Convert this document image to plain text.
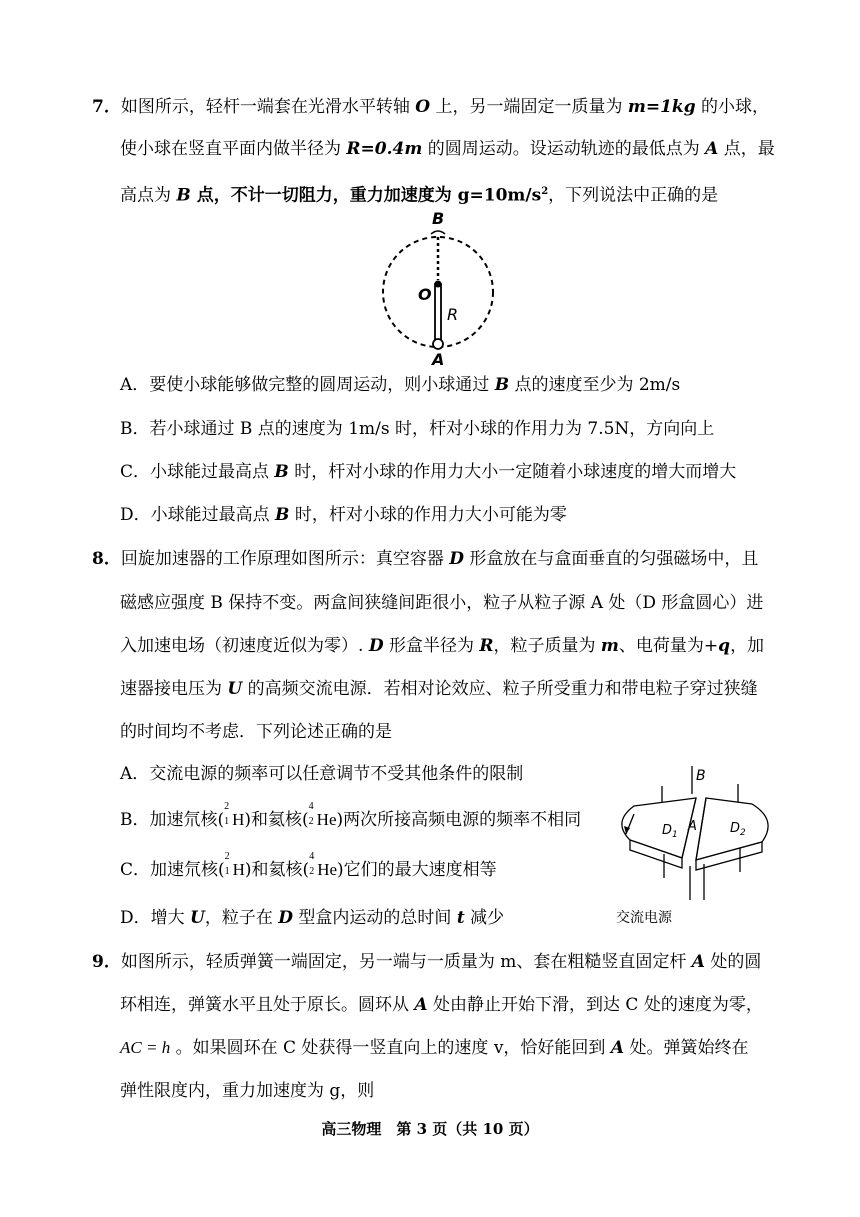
7．如图所示，轻杆一端套在光滑水平转轴 O 上，另一端固定一质量为 m=1kg 的小球，
使小球在竖直平面内做半径为 R=0.4m 的圆周运动。设运动轨迹的最低点为 A 点，最
高点为 B 点，不计一切阻力，重力加速度为 $g=10m/s^2$，下列说法中正确的是
B
O
R
A
A．要使小球能够做完整的圆周运动，则小球通过 B 点的速度至少为 2m/s
B．若小球通过 B 点的速度为 1m/s 时，杆对小球的作用力为 7.5N，方向向上
C．小球能过最高点 B 时，杆对小球的作用力大小一定随着小球速度的增大而增大
D．小球能过最高点 B 时，杆对小球的作用力大小可能为零
8．回旋加速器的工作原理如图所示：真空容器 D 形盒放在与盒面垂直的匀强磁场中，且
磁感应强度 B 保持不变。两盒间狭缝间距很小，粒子从粒子源 A 处（D 形盒圆心）进
入加速电场（初速度近似为零）. D 形盒半径为 R，粒子质量为 m、电荷量为+q，加
速器接电压为 U 的高频交流电源．若相对论效应、粒子所受重力和带电粒子穿过狭缝
的时间均不考虑．下列论述正确的是
A．交流电源的频率可以任意调节不受其他条件的限制
B．加速氘核(
2
1 H)和氦核(
4
2 He)两次所接高频电源的频率不相同
C．加速氘核(
2
1 H)和氦核(
4
2 He)它们的最大速度相等
D．增大 U，粒子在 D 型盒内运动的总时间 t 减少
B
A
$D_1$	$D_2$
交流电源
9．如图所示，轻质弹簧一端固定，另一端与一质量为 m、套在粗糙竖直固定杆 A 处的圆
环相连，弹簧水平且处于原长。圆环从 A 处由静止开始下滑，到达 C 处的速度为零，
AC = h 。如果圆环在 C 处获得一竖直向上的速度 v，恰好能回到 A 处。弹簧始终在
弹性限度内，重力加速度为 g，则
高三物理　第 3 页（共 10 页）
